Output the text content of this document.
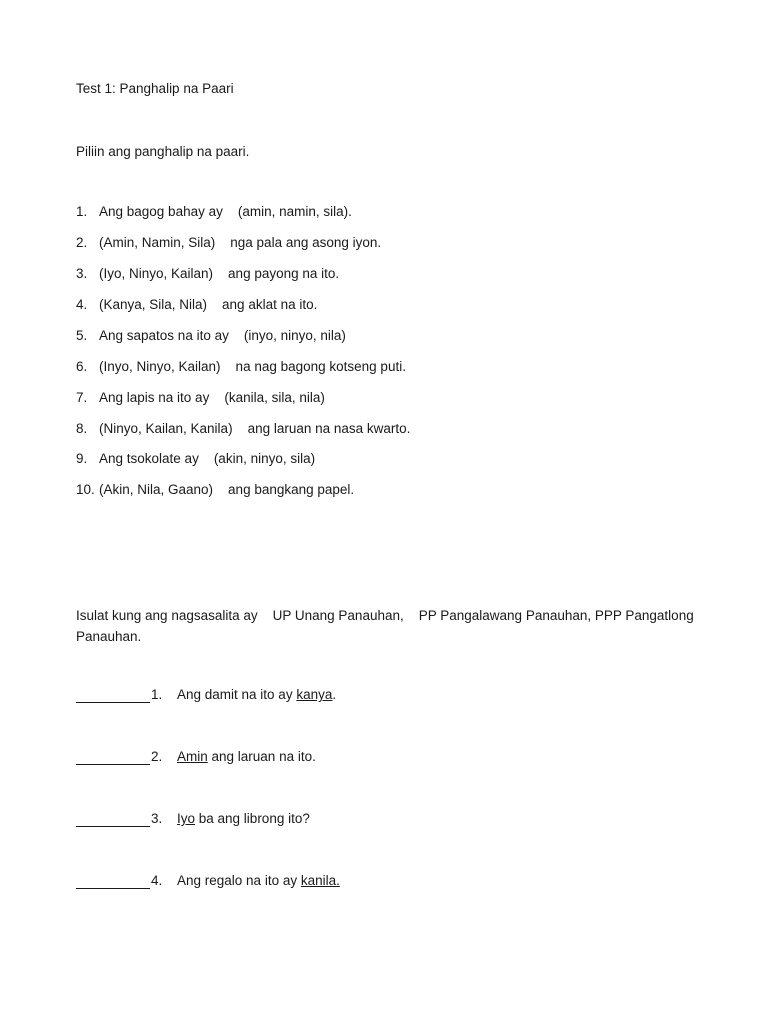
Test 1: Panghalip na Paari
Piliin ang panghalip na paari.
1. Ang bagog bahay ay    (amin, namin, sila).
2. (Amin, Namin, Sila)    nga pala ang asong iyon.
3. (Iyo, Ninyo, Kailan)    ang payong na ito.
4. (Kanya, Sila, Nila)    ang aklat na ito.
5. Ang sapatos na ito ay    (inyo, ninyo, nila)
6. (Inyo, Ninyo, Kailan)    na nag bagong kotseng puti.
7. Ang lapis na ito ay    (kanila, sila, nila)
8. (Ninyo, Kailan, Kanila)    ang laruan na nasa kwarto.
9. Ang tsokolate ay    (akin, ninyo, sila)
10. (Akin, Nila, Gaano)    ang bangkang papel.
Isulat kung ang nagsasalita ay    UP Unang Panauhan,    PP Pangalawang Panauhan, PPP Pangatlong Panauhan.
1. Ang damit na ito ay kanya.
2. Amin ang laruan na ito.
3. Iyo ba ang librong ito?
4. Ang regalo na ito ay kanila.
